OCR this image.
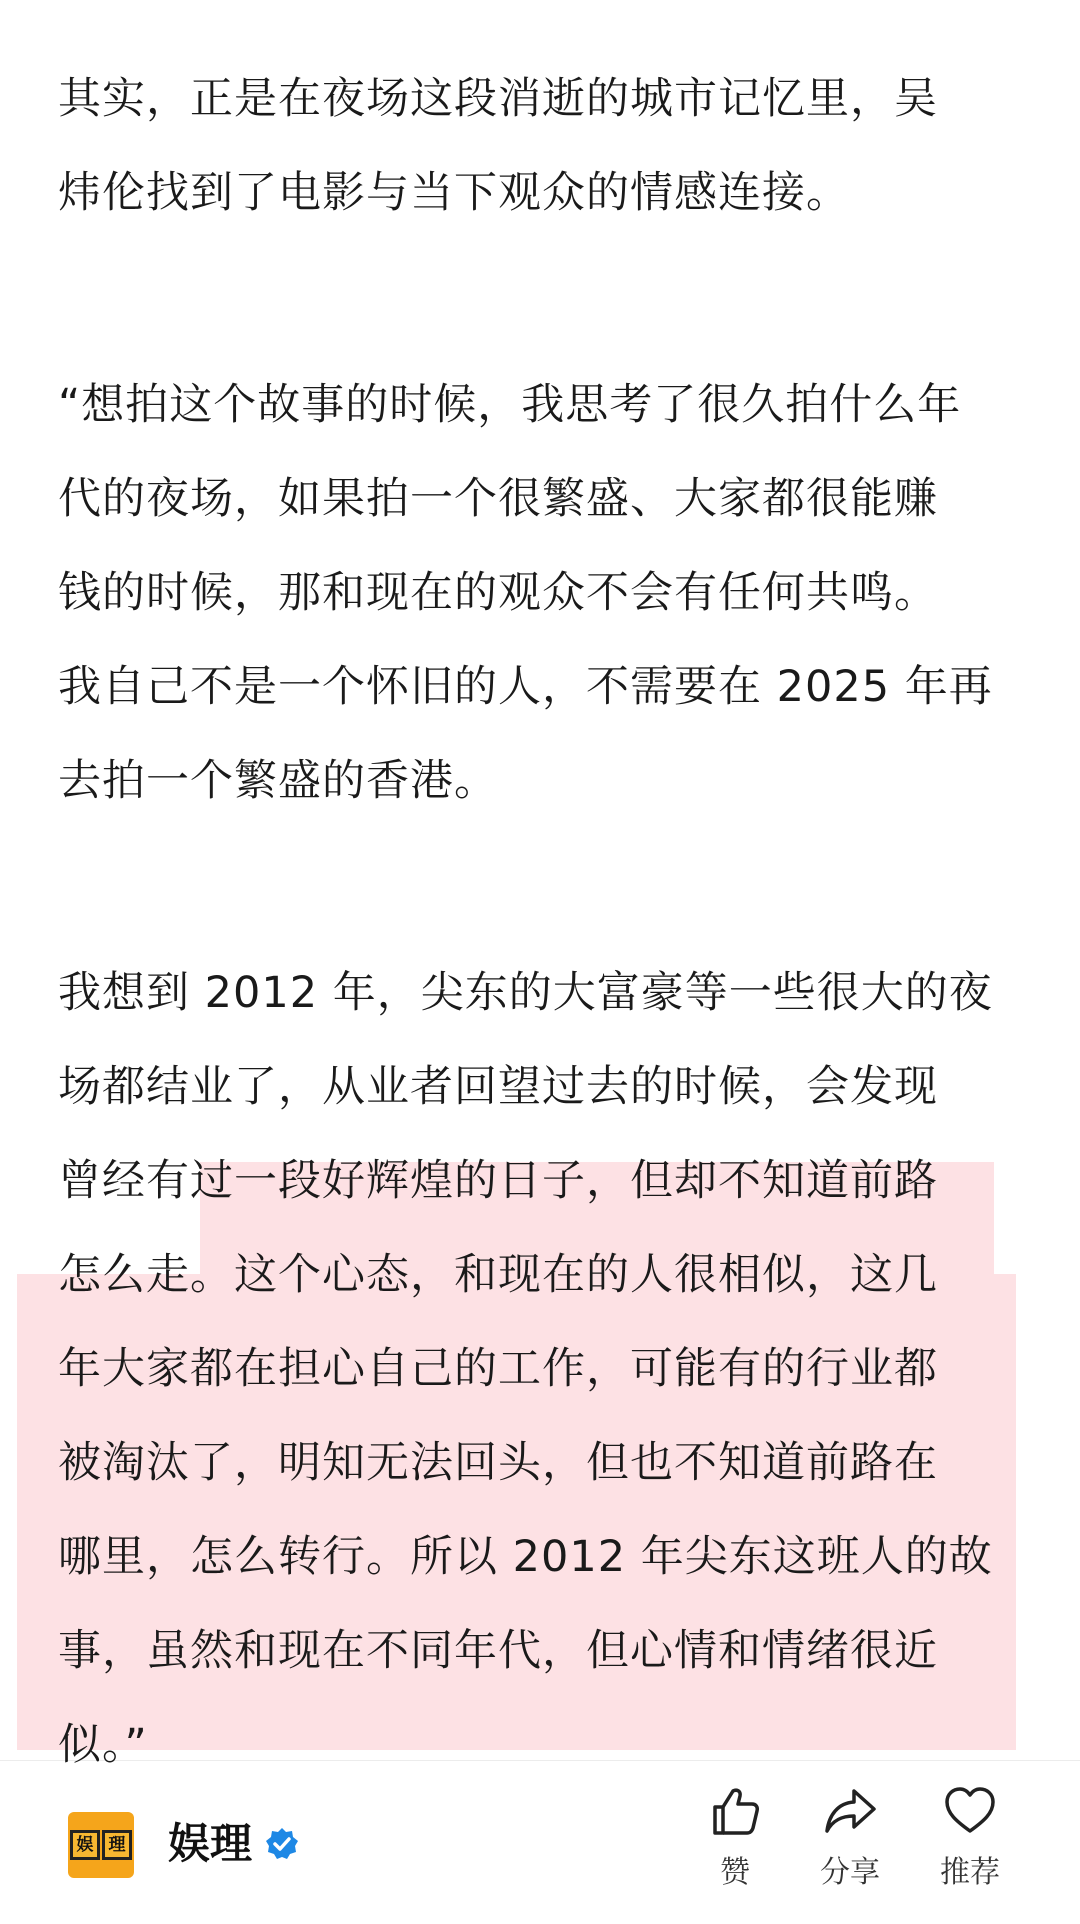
其实，正是在夜场这段消逝的城市记忆里，吴
炜伦找到了电影与当下观众的情感连接。
“想拍这个故事的时候，我思考了很久拍什么年
代的夜场，如果拍一个很繁盛、大家都很能赚
钱的时候，那和现在的观众不会有任何共鸣。
我自己不是一个怀旧的人，不需要在 2025 年再
去拍一个繁盛的香港。
我想到 2012 年，尖东的大富豪等一些很大的夜
场都结业了，从业者回望过去的时候，会发现
曾经有过一段好辉煌的日子，但却不知道前路
怎么走。这个心态，和现在的人很相似，这几
年大家都在担心自己的工作，可能有的行业都
被淘汰了，明知无法回头，但也不知道前路在
哪里，怎么转行。所以 2012 年尖东这班人的故
事，虽然和现在不同年代，但心情和情绪很近
似。”
娱 理 娱理
赞	分享	推荐
